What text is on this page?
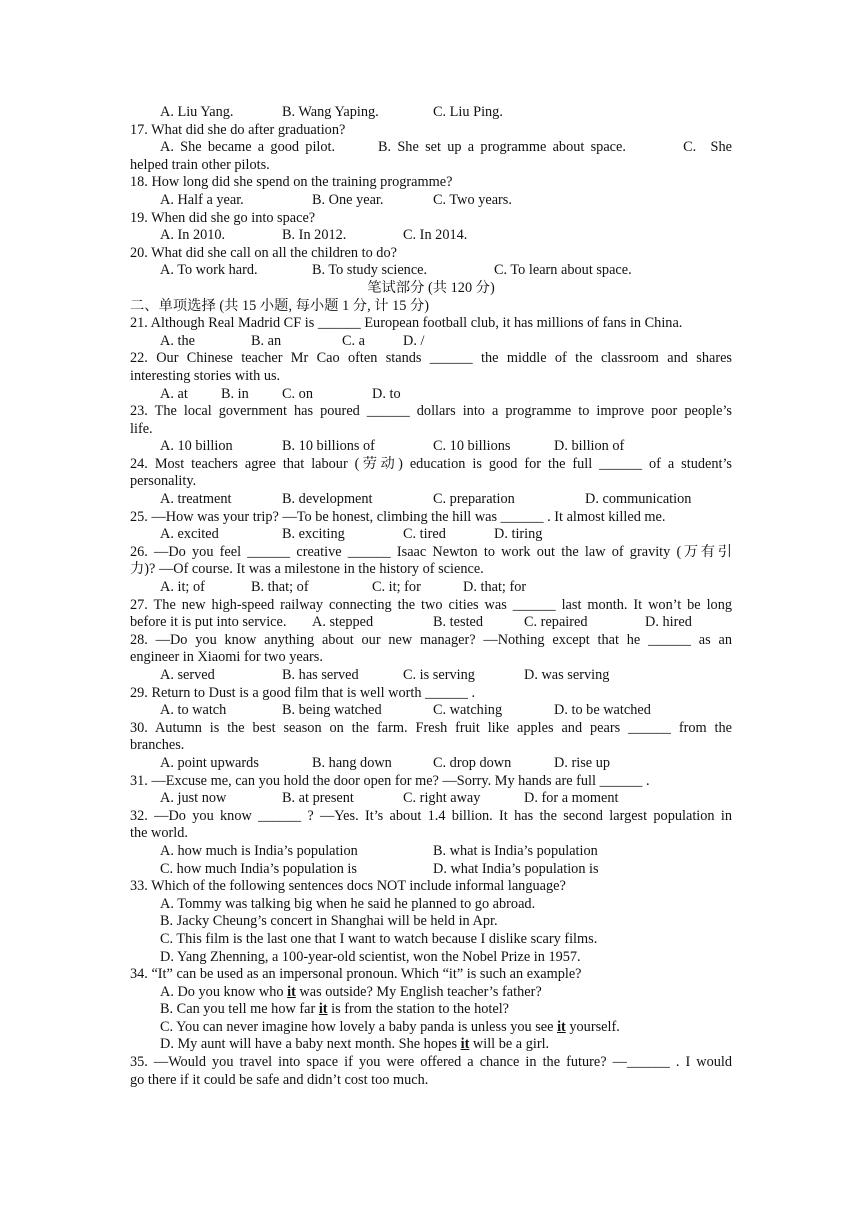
A. Liu Yang.	B. Wang Yaping.	C. Liu Ping.
17. What did she do after graduation?
A. She became a good pilot.   B. She set up a programme about space.    C. She
helped train other pilots.
18. How long did she spend on the training programme?
A. Half a year.	B. One year.	C. Two years.
19. When did she go into space?
A. In 2010.	B. In 2012.	C. In 2014.
20. What did she call on all the children to do?
A. To work hard.	B. To study science.	C. To learn about space.
笔试部分 (共 120 分)
二、单项选择 (共 15 小题, 每小题 1 分, 计 15 分)
21. Although Real Madrid CF is ______ European football club, it has millions of fans in China.
A. the	B. an	C. a	D. /
22. Our Chinese teacher Mr Cao often stands ______ the middle of the classroom and shares
interesting stories with us.
A. at B. in C. on	D. to
23. The local government has poured ______ dollars into a programme to improve poor people’s
life.
A. 10 billion	B. 10 billions of	C. 10 billions	D. billion of
24. Most teachers agree that labour (劳动) education is good for the full ______ of a student’s
personality.
A. treatment	B. development	C. preparation	D. communication
25. —How was your trip? —To be honest, climbing the hill was ______ . It almost killed me.
A. excited	B. exciting	C. tired	D. tiring
26. —Do you feel ______ creative ______ Isaac Newton to work out the law of gravity (万有引
力)? —Of course. It was a milestone in the history of science.
A. it; of	B. that; of	C. it; for	D. that; for
27. The new high-speed railway connecting the two cities was ______ last month. It won’t be long
before it is put into service. A. stepped	B. tested	C. repaired	D. hired
28. —Do you know anything about our new manager? —Nothing except that he ______ as an
engineer in Xiaomi for two years.
A. served	B. has served	C. is serving	D. was serving
29. Return to Dust is a good film that is well worth ______ .
A. to watch	B. being watched	C. watching	D. to be watched
30. Autumn is the best season on the farm. Fresh fruit like apples and pears ______ from the
branches.
A. point upwards	B. hang down	C. drop down	D. rise up
31. —Excuse me, can you hold the door open for me? —Sorry. My hands are full ______ .
A. just now	B. at present	C. right away	D. for a moment
32. —Do you know ______ ? —Yes. It’s about 1.4 billion. It has the second largest population in
the world.
A. how much is India’s population	B. what is India’s population
C. how much India’s population is	D. what India’s population is
33. Which of the following sentences docs NOT include informal language?
A. Tommy was talking big when he said he planned to go abroad.
B. Jacky Cheung’s concert in Shanghai will be held in Apr.
C. This film is the last one that I want to watch because I dislike scary films.
D. Yang Zhenning, a 100-year-old scientist, won the Nobel Prize in 1957.
34. “It” can be used as an impersonal pronoun. Which “it” is such an example?
A. Do you know who it was outside? My English teacher’s father?
B. Can you tell me how far it is from the station to the hotel?
C. You can never imagine how lovely a baby panda is unless you see it yourself.
D. My aunt will have a baby next month. She hopes it will be a girl.
35. —Would you travel into space if you were offered a chance in the future? —______ . I would
go there if it could be safe and didn’t cost too much.
